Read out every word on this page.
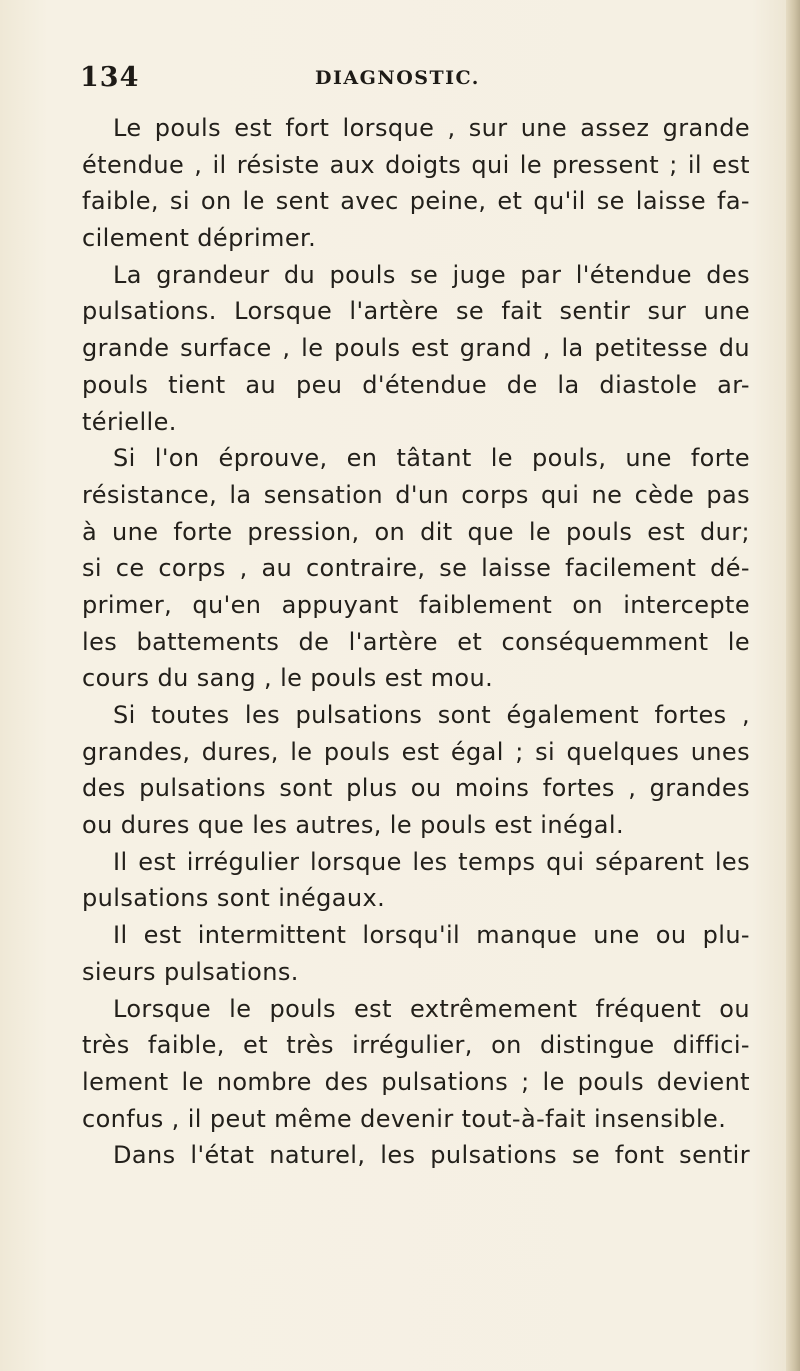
134	DIAGNOSTIC.
Le pouls est fort lorsque , sur une assez grande
étendue , il résiste aux doigts qui le pressent ; il est
faible, si on le sent avec peine, et qu'il se laisse fa-
cilement déprimer.
La grandeur du pouls se juge par l'étendue des
pulsations. Lorsque l'artère se fait sentir sur une
grande surface , le pouls est grand , la petitesse du
pouls tient au peu d'étendue de la diastole ar-
térielle.
Si l'on éprouve, en tâtant le pouls, une forte
résistance, la sensation d'un corps qui ne cède pas
à une forte pression, on dit que le pouls est dur;
si ce corps , au contraire, se laisse facilement dé-
primer, qu'en appuyant faiblement on intercepte
les battements de l'artère et conséquemment le
cours du sang , le pouls est mou.
Si toutes les pulsations sont également fortes ,
grandes, dures, le pouls est égal ; si quelques unes
des pulsations sont plus ou moins fortes , grandes
ou dures que les autres, le pouls est inégal.
Il est irrégulier lorsque les temps qui séparent les
pulsations sont inégaux.
Il est intermittent lorsqu'il manque une ou plu-
sieurs pulsations.
Lorsque le pouls est extrêmement fréquent ou
très faible, et très irrégulier, on distingue diffici-
lement le nombre des pulsations ; le pouls devient
confus , il peut même devenir tout-à-fait insensible.
Dans l'état naturel, les pulsations se font sentir
